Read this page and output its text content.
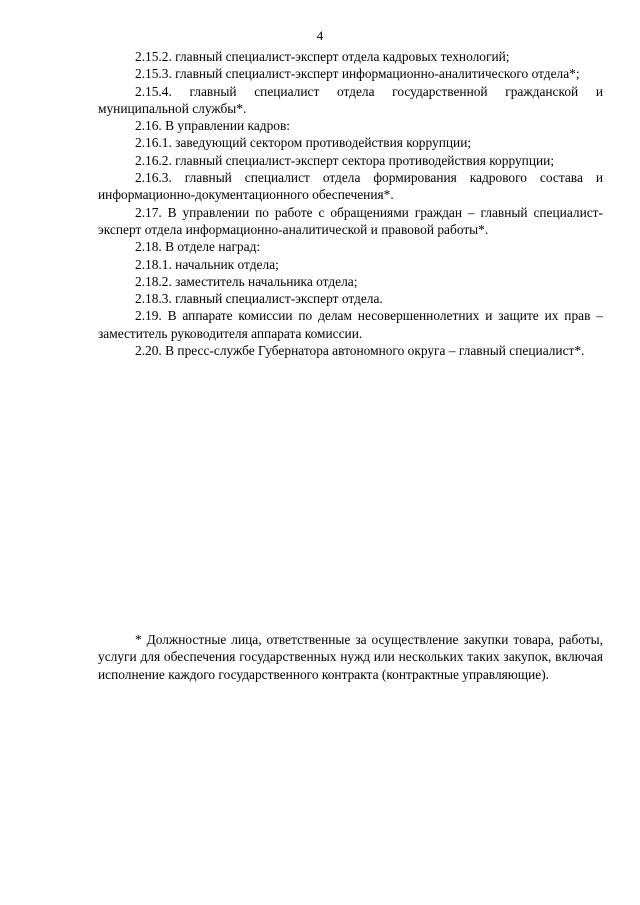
4

2.15.2. главный специалист-эксперт отдела кадровых технологий;

2.15.3. главный специалист-эксперт информационно-аналитического отдела*;

2.15.4. главный специалист отдела государственной гражданской и муниципальной службы*.

2.16. В управлении кадров:

2.16.1. заведующий сектором противодействия коррупции;

2.16.2. главный специалист-эксперт сектора противодействия коррупции;

2.16.3. главный специалист отдела формирования кадрового состава и информационно-документационного обеспечения*.

2.17. В управлении по работе с обращениями граждан – главный специалист-эксперт отдела информационно-аналитической и правовой работы*.

2.18. В отделе наград:

2.18.1. начальник отдела;

2.18.2. заместитель начальника отдела;

2.18.3. главный специалист-эксперт отдела.

2.19. В аппарате комиссии по делам несовершеннолетних и защите их прав – заместитель руководителя аппарата комиссии.

2.20. В пресс-службе Губернатора автономного округа – главный специалист*.

* Должностные лица, ответственные за осуществление закупки товара, работы, услуги для обеспечения государственных нужд или нескольких таких закупок, включая исполнение каждого государственного контракта (контрактные управляющие).
